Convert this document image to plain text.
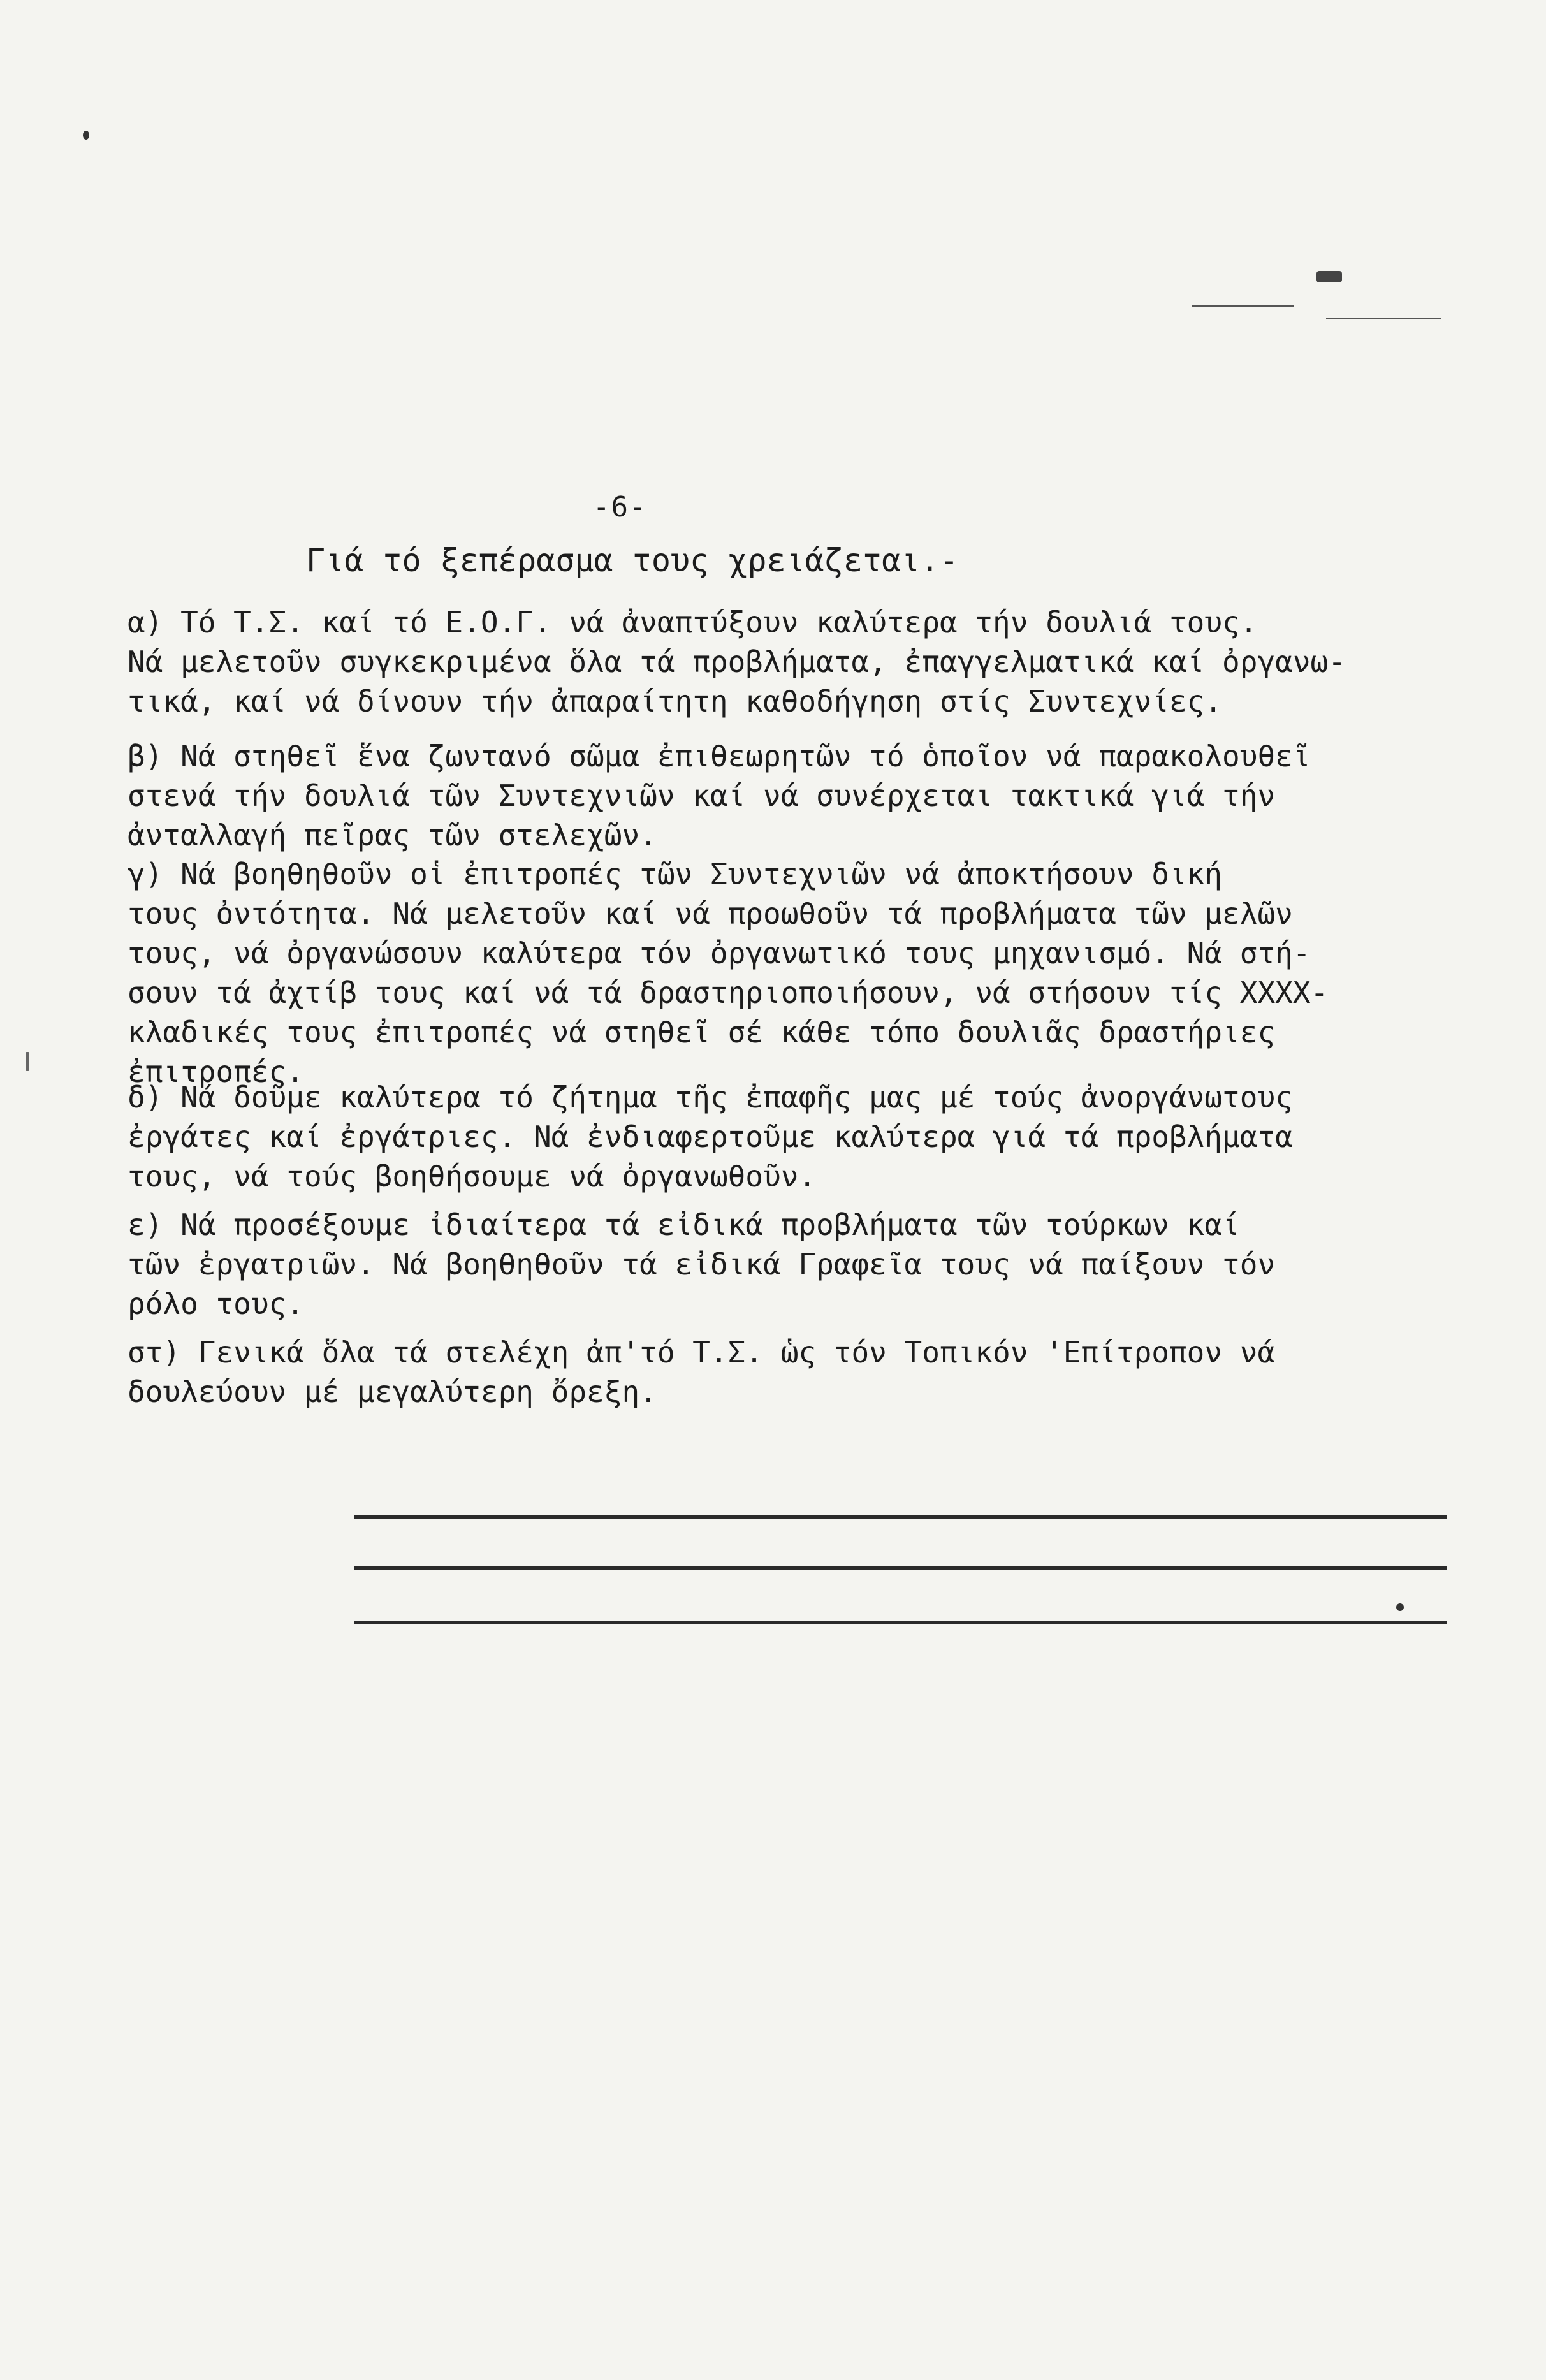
-6-
Γιά τό ξεπέρασμα τους χρειάζεται.-
α) Τό Τ.Σ. καί τό Ε.Ο.Γ. νά ἀναπτύξουν καλύτερα τήν δουλιά τους.
Νά μελετοῦν συγκεκριμένα ὅλα τά προβλήματα, ἐπαγγελματικά καί ὀργανω-
τικά, καί νά δίνουν τήν ἀπαραίτητη καθοδήγηση στίς Συντεχνίες.
β) Νά στηθεῖ ἕνα ζωντανό σῶμα ἐπιθεωρητῶν τό ὁποῖον νά παρακολουθεῖ
στενά τήν δουλιά τῶν Συντεχνιῶν καί νά συνέρχεται τακτικά γιά τήν
ἀνταλλαγή πεῖρας τῶν στελεχῶν.
γ) Νά βοηθηθοῦν οἱ ἐπιτροπές τῶν Συντεχνιῶν νά ἀποκτήσουν δική
τους ὀντότητα. Νά μελετοῦν καί νά προωθοῦν τά προβλήματα τῶν μελῶν
τους, νά ὀργανώσουν καλύτερα τόν ὀργανωτικό τους μηχανισμό. Νά στή-
σουν τά ἀχτίβ τους καί νά τά δραστηριοποιήσουν, νά στήσουν τίς XXXX-
κλαδικές τους ἐπιτροπές νά στηθεῖ σέ κάθε τόπο δουλιᾶς δραστήριες
ἐπιτροπές.
δ) Νά δοῦμε καλύτερα τό ζήτημα τῆς ἐπαφῆς μας μέ τούς ἀνοργάνωτους
ἐργάτες καί ἐργάτριες. Νά ἐνδιαφερτοῦμε καλύτερα γιά τά προβλήματα
τους, νά τούς βοηθήσουμε νά ὀργανωθοῦν.
ε) Νά προσέξουμε ἰδιαίτερα τά εἰδικά προβλήματα τῶν τούρκων καί
τῶν ἐργατριῶν. Νά βοηθηθοῦν τά εἰδικά Γραφεῖα τους νά παίξουν τόν
ρόλο τους.
στ) Γενικά ὅλα τά στελέχη ἀπ'τό Τ.Σ. ὡς τόν Τοπικόν 'Επίτροπον νά
δουλεύουν μέ μεγαλύτερη ὄρεξη.
